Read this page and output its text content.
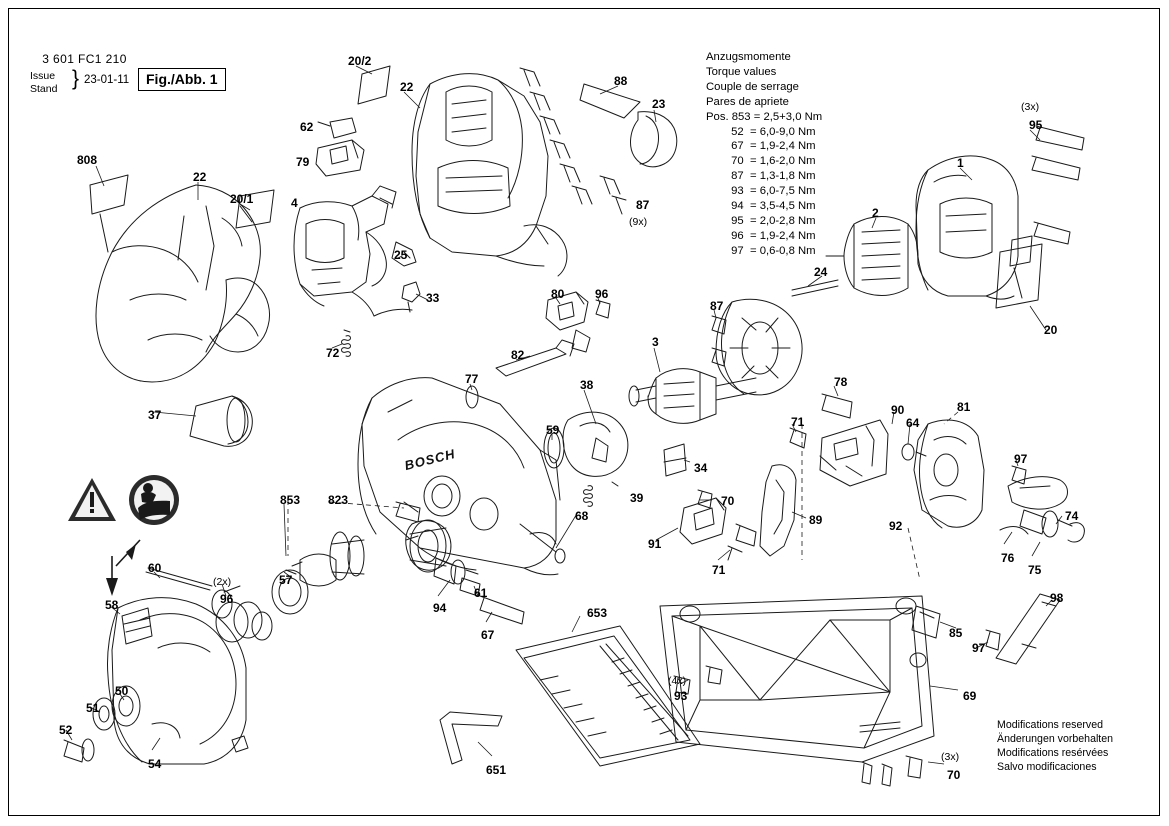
3 601 FC1 210

Issue
Stand } 23-01-11	Fig./Abb. 1
Anzugsmomente
Torque values
Couple de serrage
Pares de apriete
Pos. 853 = 2,5+3,0 Nm
52  = 6,0-9,0 Nm
67  = 1,9-2,4 Nm
70  = 1,6-2,0 Nm
87  = 1,3-1,8 Nm
93  = 6,0-7,5 Nm
94  = 3,5-4,5 Nm
95  = 2,0-2,8 Nm
96  = 1,9-2,4 Nm
97  = 0,6-0,8 Nm
Modifications reserved
Änderungen vorbehalten
Modifications resérvées
Salvo modificaciones
BOSCH
20/2
22	88
23	(3x)
95
62
79	1
808
22
20/1	4	87
(9x)
2
25
24
20
33	80	96
87
72
3
82
77	38	78
37	71
90
64
81
59
97
34
74
853 823	39	70
89	92
76
75
68
91
71
60
(2x)	57
96
58	94
61	98
653
85
67
97
(4x)
93	69
51
50
52
54	(3x)
70
651
